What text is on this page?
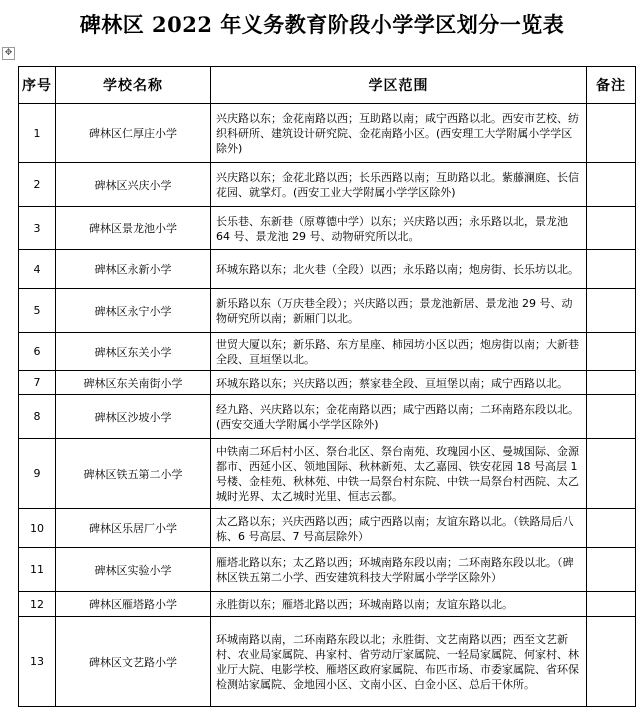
碑林区 2022 年义务教育阶段小学学区划分一览表
✥
序号	学校名称	学区范围	备注
1	碑林区仁厚庄小学	兴庆路以东；金花南路以西；互助路以南；咸宁西路以北。西安市艺校、纺织科研所、建筑设计研究院、金花南路小区。(西安理工大学附属小学学区除外)	
2	碑林区兴庆小学	兴庆路以东；金花北路以西；长乐西路以南；互助路以北。紫藤澜庭、长信花园、就掌灯。(西安工业大学附属小学学区除外)	
3	碑林区景龙池小学	长乐巷、东新巷（原尊德中学）以东；兴庆路以西；永乐路以北，景龙池 64 号、景龙池 29 号、动物研究所以北。	
4	碑林区永新小学	环城东路以东；北火巷（全段）以西；永乐路以南；炮房街、长乐坊以北。	
5	碑林区永宁小学	新乐路以东（万庆巷全段）；兴庆路以西；景龙池新居、景龙池 29 号、动物研究所以南；新厢门以北。	
6	碑林区东关小学	世贸大厦以东；新乐路、东方星座、柿园坊小区以西；炮房街以南；大新巷全段、亘垣堡以北。	
7	碑林区东关南街小学	环城东路以东；兴庆路以西；蔡家巷全段、亘垣堡以南；咸宁西路以北。	
8	碑林区沙坡小学	经九路、兴庆路以东；金花南路以西；咸宁西路以南；二环南路东段以北。(西安交通大学附属小学学区除外)	
9	碑林区铁五第二小学	中铁南二环后村小区、祭台北区、祭台南苑、玫瑰园小区、曼城国际、金源都市、西延小区、领地国际、秋林新苑、太乙嘉园、铁安花园 18 号高层 1 号楼、金桂苑、秋林苑、中铁一局祭台村东院、中铁一局祭台村西院、太乙城时光界、太乙城时光里、恒志云都。	
10	碑林区乐居厂小学	太乙路以东；兴庆西路以西；咸宁西路以南；友谊东路以北。（铁路局后八栋、6 号高层、7 号高层除外）	
11	碑林区实验小学	雁塔北路以东；太乙路以西；环城南路东段以南；二环南路东段以北。（碑林区铁五第二小学、西安建筑科技大学附属小学学区除外）	
12	碑林区雁塔路小学	永胜街以东；雁塔北路以西；环城南路以南；友谊东路以北。	
13	碑林区文艺路小学	环城南路以南，二环南路东段以北；永胜街、文艺南路以西；西至文艺新村、农业局家属院、冉家村、省劳动厅家属院、一轻局家属院、何家村、林业厅大院、电影学校、雁塔区政府家属院、布匹市场、市委家属院、省环保检测站家属院、金地园小区、文南小区、白金小区、总后干休所。	
